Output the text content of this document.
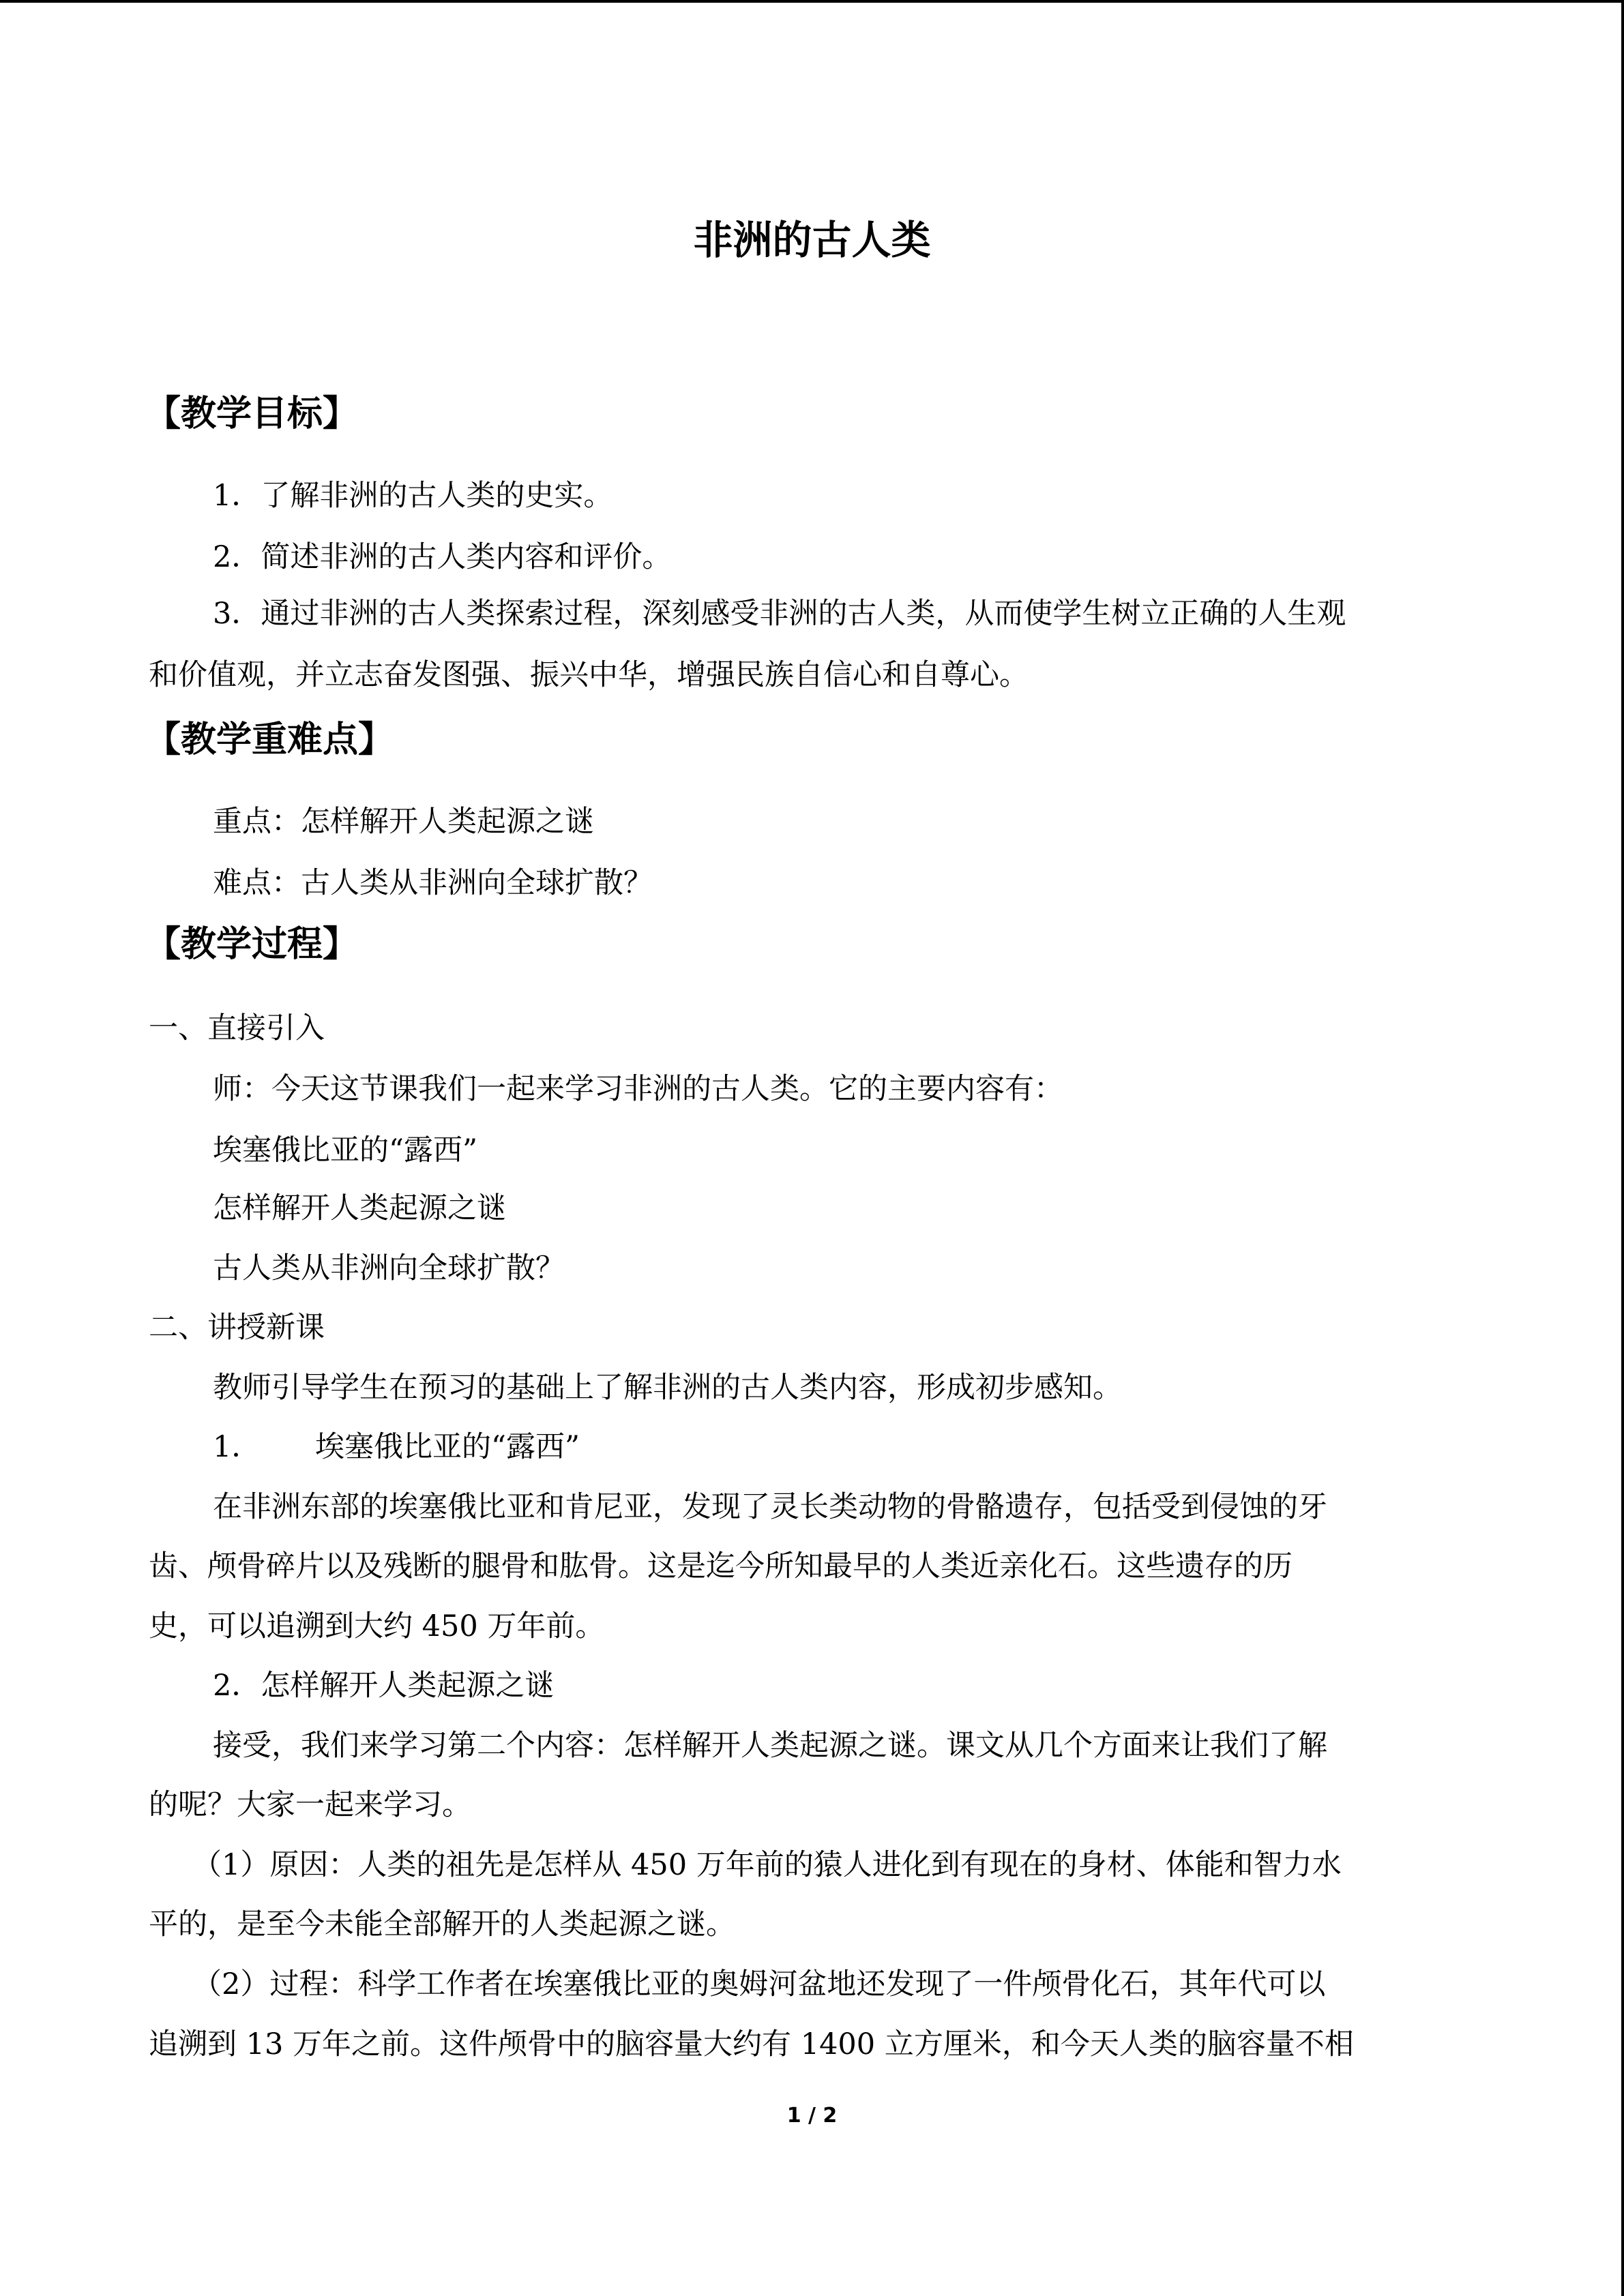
非洲的古人类
【教学目标】

1．了解非洲的古人类的史实。

2．简述非洲的古人类内容和评价。

3．通过非洲的古人类探索过程，深刻感受非洲的古人类，从而使学生树立正确的人生观

和价值观，并立志奋发图强、振兴中华，增强民族自信心和自尊心。

【教学重难点】

重点：怎样解开人类起源之谜

难点：古人类从非洲向全球扩散？

【教学过程】

一、直接引入

师：今天这节课我们一起来学习非洲的古人类。它的主要内容有：

埃塞俄比亚的“露西”

怎样解开人类起源之谜

古人类从非洲向全球扩散？

二、讲授新课

教师引导学生在预习的基础上了解非洲的古人类内容，形成初步感知。

1． 埃塞俄比亚的“露西”

在非洲东部的埃塞俄比亚和肯尼亚，发现了灵长类动物的骨骼遗存，包括受到侵蚀的牙

齿、颅骨碎片以及残断的腿骨和肱骨。这是迄今所知最早的人类近亲化石。这些遗存的历

史，可以追溯到大约 450 万年前。

2．怎样解开人类起源之谜

接受，我们来学习第二个内容：怎样解开人类起源之谜。课文从几个方面来让我们了解

的呢？大家一起来学习。

（1）原因：人类的祖先是怎样从 450 万年前的猿人进化到有现在的身材、体能和智力水

平的，是至今未能全部解开的人类起源之谜。

（2）过程：科学工作者在埃塞俄比亚的奥姆河盆地还发现了一件颅骨化石，其年代可以

追溯到 13 万年之前。这件颅骨中的脑容量大约有 1400 立方厘米，和今天人类的脑容量不相

1 / 2
